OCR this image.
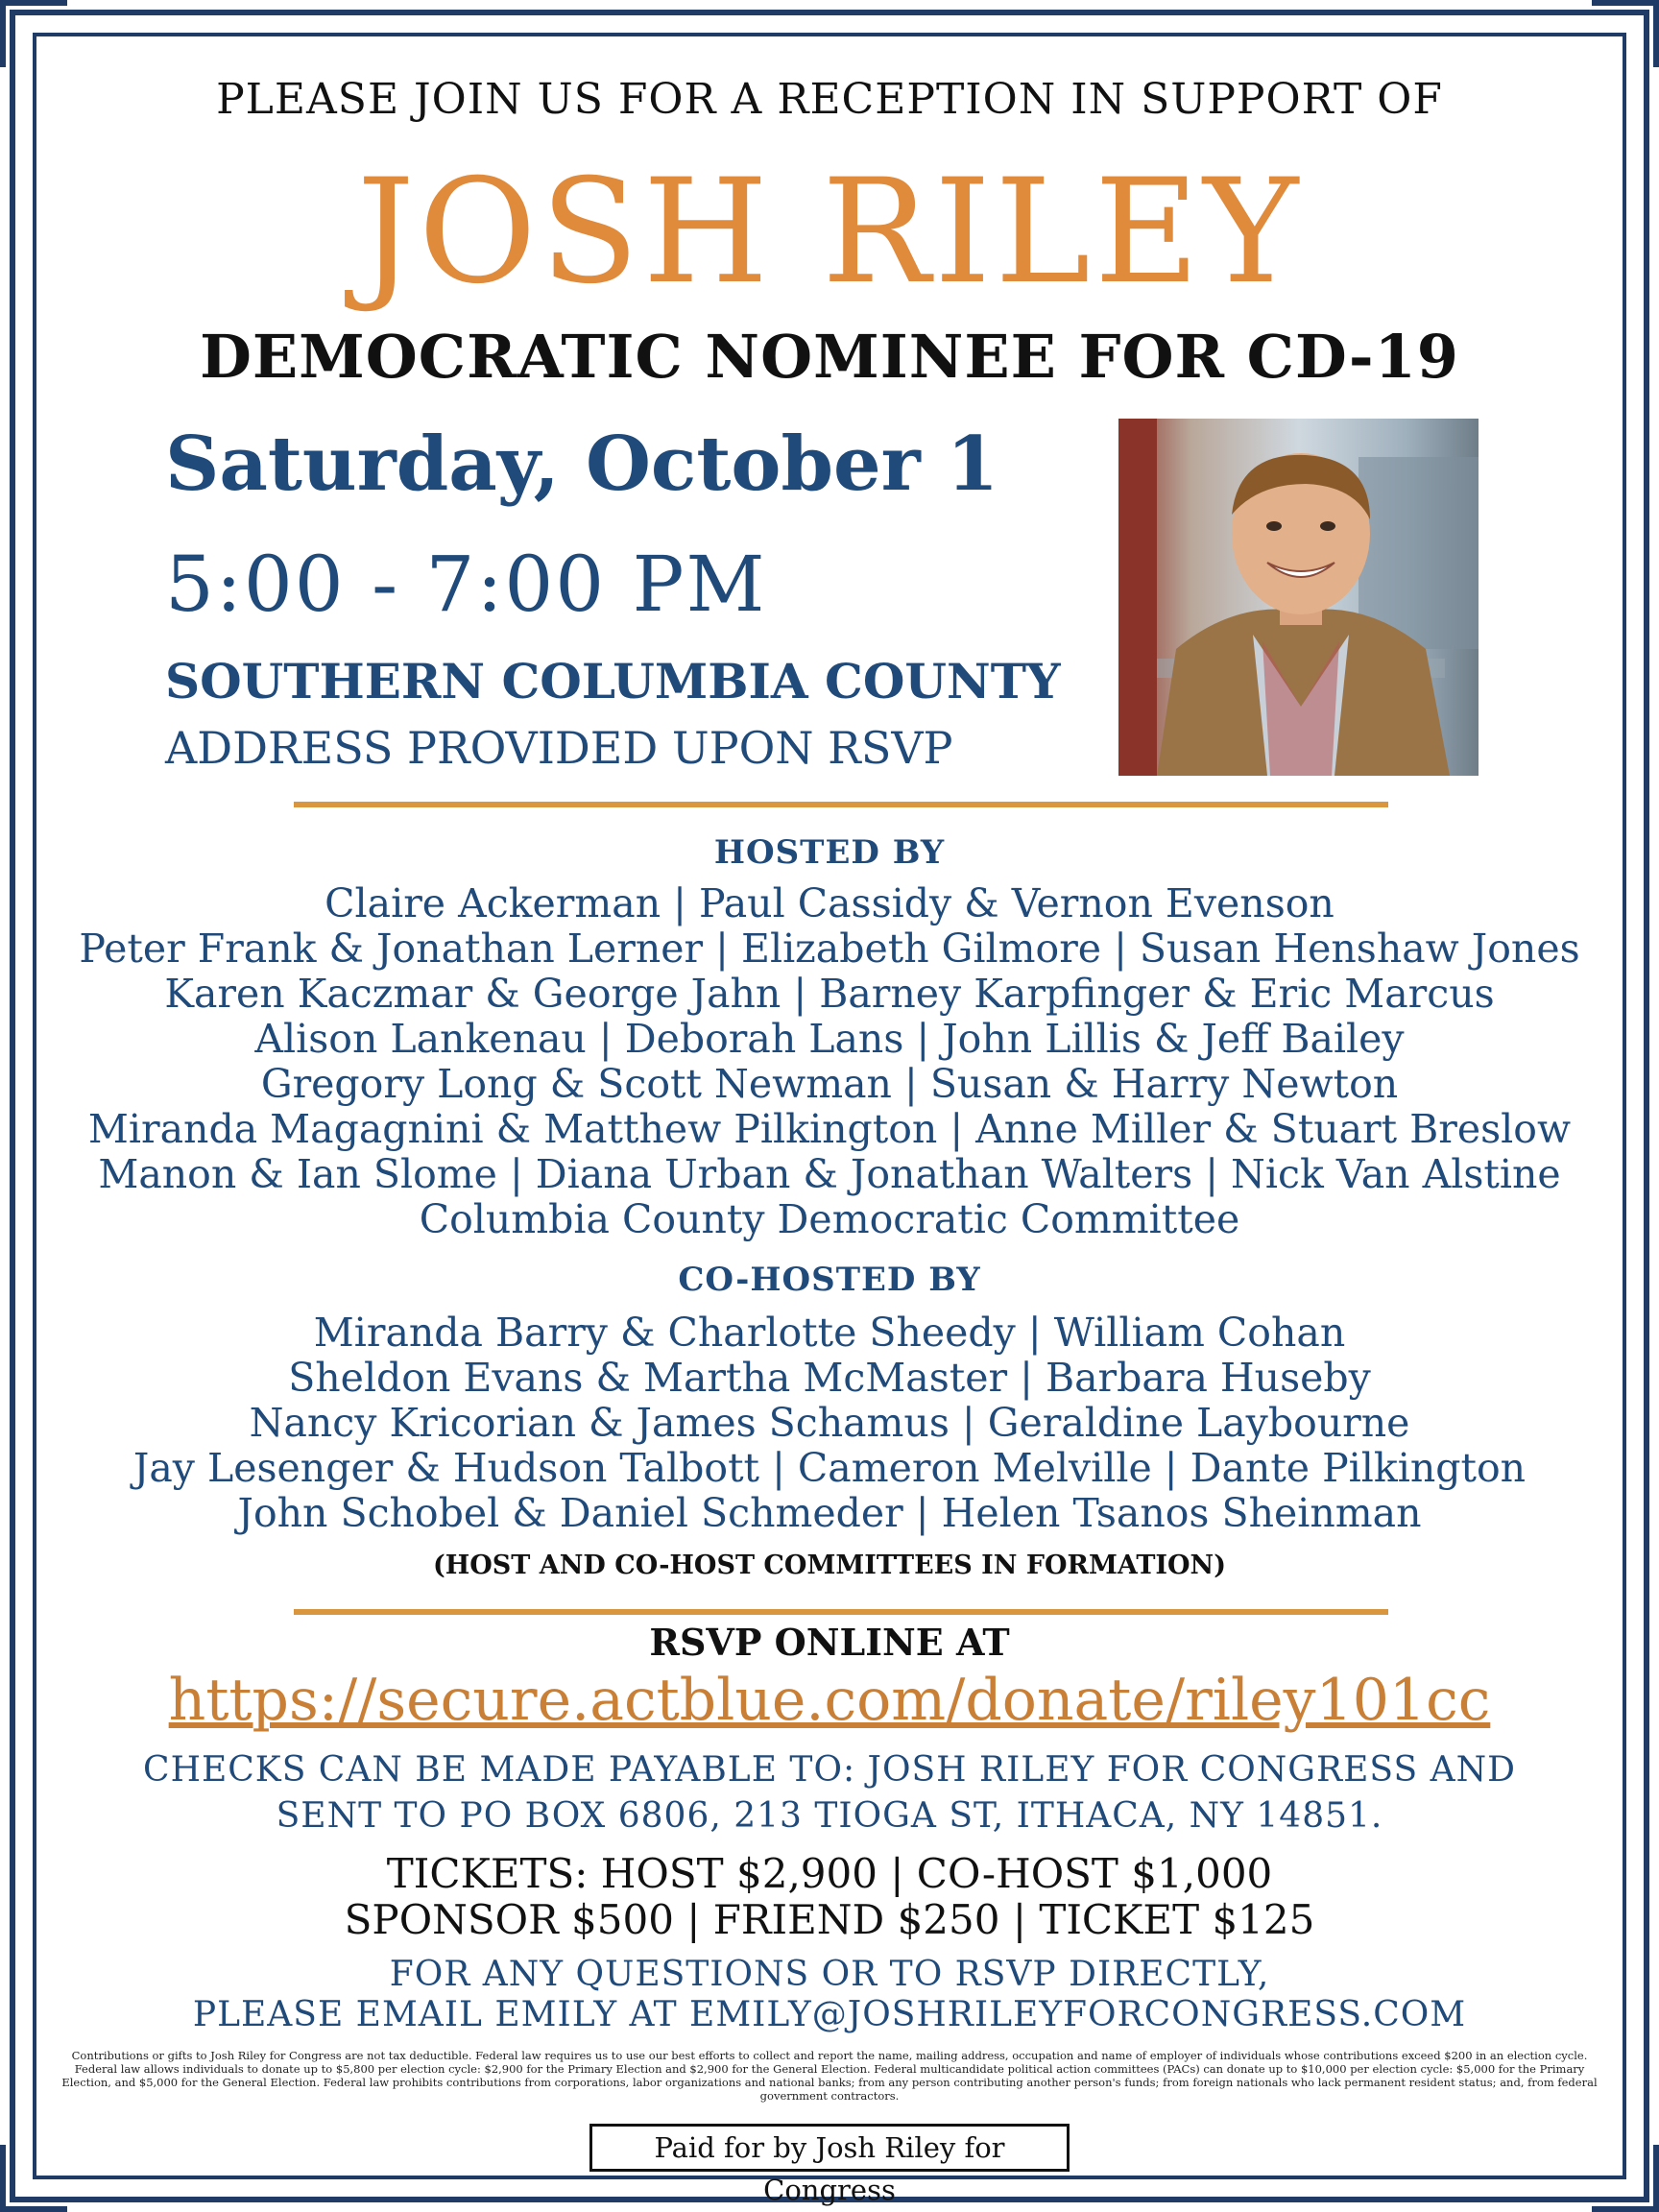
PLEASE JOIN US FOR A RECEPTION IN SUPPORT OF
JOSH RILEY
DEMOCRATIC NOMINEE FOR CD-19
Saturday, October 1
5:00 - 7:00 PM
SOUTHERN COLUMBIA COUNTY
ADDRESS PROVIDED UPON RSVP
HOSTED BY
Claire Ackerman | Paul Cassidy & Vernon Evenson
Peter Frank & Jonathan Lerner | Elizabeth Gilmore | Susan Henshaw Jones
Karen Kaczmar & George Jahn | Barney Karpfinger & Eric Marcus
Alison Lankenau | Deborah Lans | John Lillis & Jeff Bailey
Gregory Long & Scott Newman | Susan & Harry Newton
Miranda Magagnini & Matthew Pilkington | Anne Miller & Stuart Breslow
Manon & Ian Slome | Diana Urban & Jonathan Walters | Nick Van Alstine
Columbia County Democratic Committee
CO-HOSTED BY
Miranda Barry & Charlotte Sheedy | William Cohan
Sheldon Evans & Martha McMaster | Barbara Huseby
Nancy Kricorian & James Schamus | Geraldine Laybourne
Jay Lesenger & Hudson Talbott | Cameron Melville | Dante Pilkington
John Schobel & Daniel Schmeder | Helen Tsanos Sheinman
(HOST AND CO-HOST COMMITTEES IN FORMATION)
RSVP ONLINE AT
https://secure.actblue.com/donate/riley101cc
CHECKS CAN BE MADE PAYABLE TO: JOSH RILEY FOR CONGRESS AND
SENT TO PO BOX 6806, 213 TIOGA ST, ITHACA, NY 14851.
TICKETS: HOST $2,900 | CO-HOST $1,000
SPONSOR $500 | FRIEND $250 | TICKET $125
FOR ANY QUESTIONS OR TO RSVP DIRECTLY,
PLEASE EMAIL EMILY AT EMILY@JOSHRILEYFORCONGRESS.COM
Contributions or gifts to Josh Riley for Congress are not tax deductible. Federal law requires us to use our best efforts to collect and report the name, mailing address, occupation and name of employer of individuals whose contributions exceed $200 in an election cycle. Federal law allows individuals to donate up to $5,800 per election cycle: $2,900 for the Primary Election and $2,900 for the General Election. Federal multicandidate political action committees (PACs) can donate up to $10,000 per election cycle: $5,000 for the Primary Election, and $5,000 for the General Election. Federal law prohibits contributions from corporations, labor organizations and national banks; from any person contributing another person's funds; from foreign nationals who lack permanent resident status; and, from federal government contractors.
Paid for by Josh Riley for Congress
